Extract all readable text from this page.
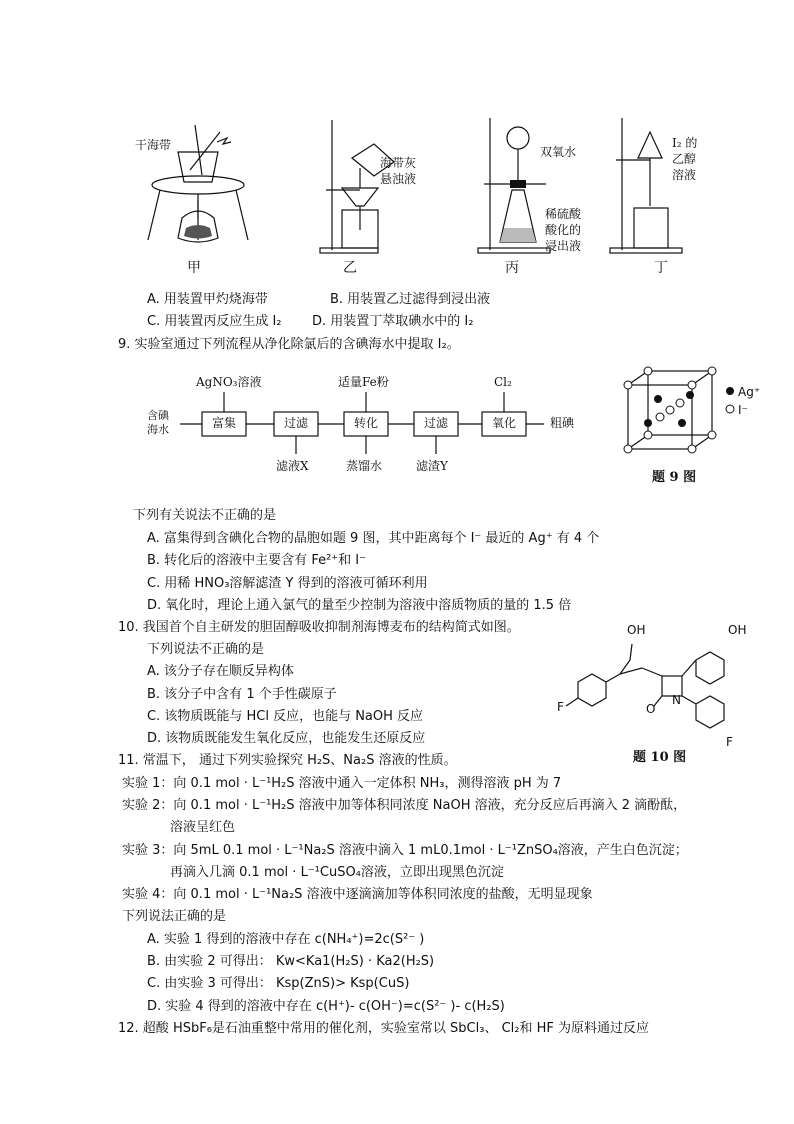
干海带
海带灰
悬浊液
双氧水
稀硫酸
酸化的
浸出液
I₂ 的
乙醇
溶液
甲	乙	丙	丁
A. 用装置甲灼烧海带	B. 用装置乙过滤得到浸出液
C. 用装置丙反应生成 I₂ D. 用装置丁萃取碘水中的 I₂
9. 实验室通过下列流程从净化除氯后的含碘海水中提取 I₂。
含碘
海水	富集	过滤	转化	过滤	氧化	粗碘
AgNO₃溶液	适量Fe粉	Cl₂
滤液X	蒸馏水	滤渣Y
Ag⁺
I⁻
题 9 图
下列有关说法不正确的是
A. 富集得到含碘化合物的晶胞如题 9 图，其中距离每个 I⁻ 最近的 Ag⁺ 有 4 个
B. 转化后的溶液中主要含有 Fe²⁺和 I⁻
C. 用稀 HNO₃溶解滤渣 Y 得到的溶液可循环利用
D. 氧化时，理论上通入氯气的量至少控制为溶液中溶质物质的量的 1.5 倍
10. 我国首个自主研发的胆固醇吸收抑制剂海博麦布的结构简式如图。
下列说法不正确的是
A. 该分子存在顺反异构体
B. 该分子中含有 1 个手性碳原子
C. 该物质既能与 HCl 反应，也能与 NaOH 反应
D. 该物质既能发生氧化反应，也能发生还原反应
OH	OH
F
F
O
N
题 10 图
11. 常温下， 通过下列实验探究 H₂S、Na₂S 溶液的性质。
实验 1：向 0.1 mol · L⁻¹H₂S 溶液中通入一定体积 NH₃，测得溶液 pH 为 7
实验 2：向 0.1 mol · L⁻¹H₂S 溶液中加等体积同浓度 NaOH 溶液，充分反应后再滴入 2 滴酚酞，
溶液呈红色
实验 3：向 5mL 0.1 mol · L⁻¹Na₂S 溶液中滴入 1 mL0.1mol · L⁻¹ZnSO₄溶液，产生白色沉淀；
再滴入几滴 0.1 mol · L⁻¹CuSO₄溶液，立即出现黑色沉淀
实验 4：向 0.1 mol · L⁻¹Na₂S 溶液中逐滴滴加等体积同浓度的盐酸，无明显现象
下列说法正确的是
A. 实验 1 得到的溶液中存在 c(NH₄⁺)=2c(S²⁻ )
B. 由实验 2 可得出： Kw<Ka1(H₂S) · Ka2(H₂S)
C. 由实验 3 可得出： Ksp(ZnS)> Ksp(CuS)
D. 实验 4 得到的溶液中存在 c(H⁺)- c(OH⁻)=c(S²⁻ )- c(H₂S)
12. 超酸 HSbF₆是石油重整中常用的催化剂，实验室常以 SbCl₃、 Cl₂和 HF 为原料通过反应
